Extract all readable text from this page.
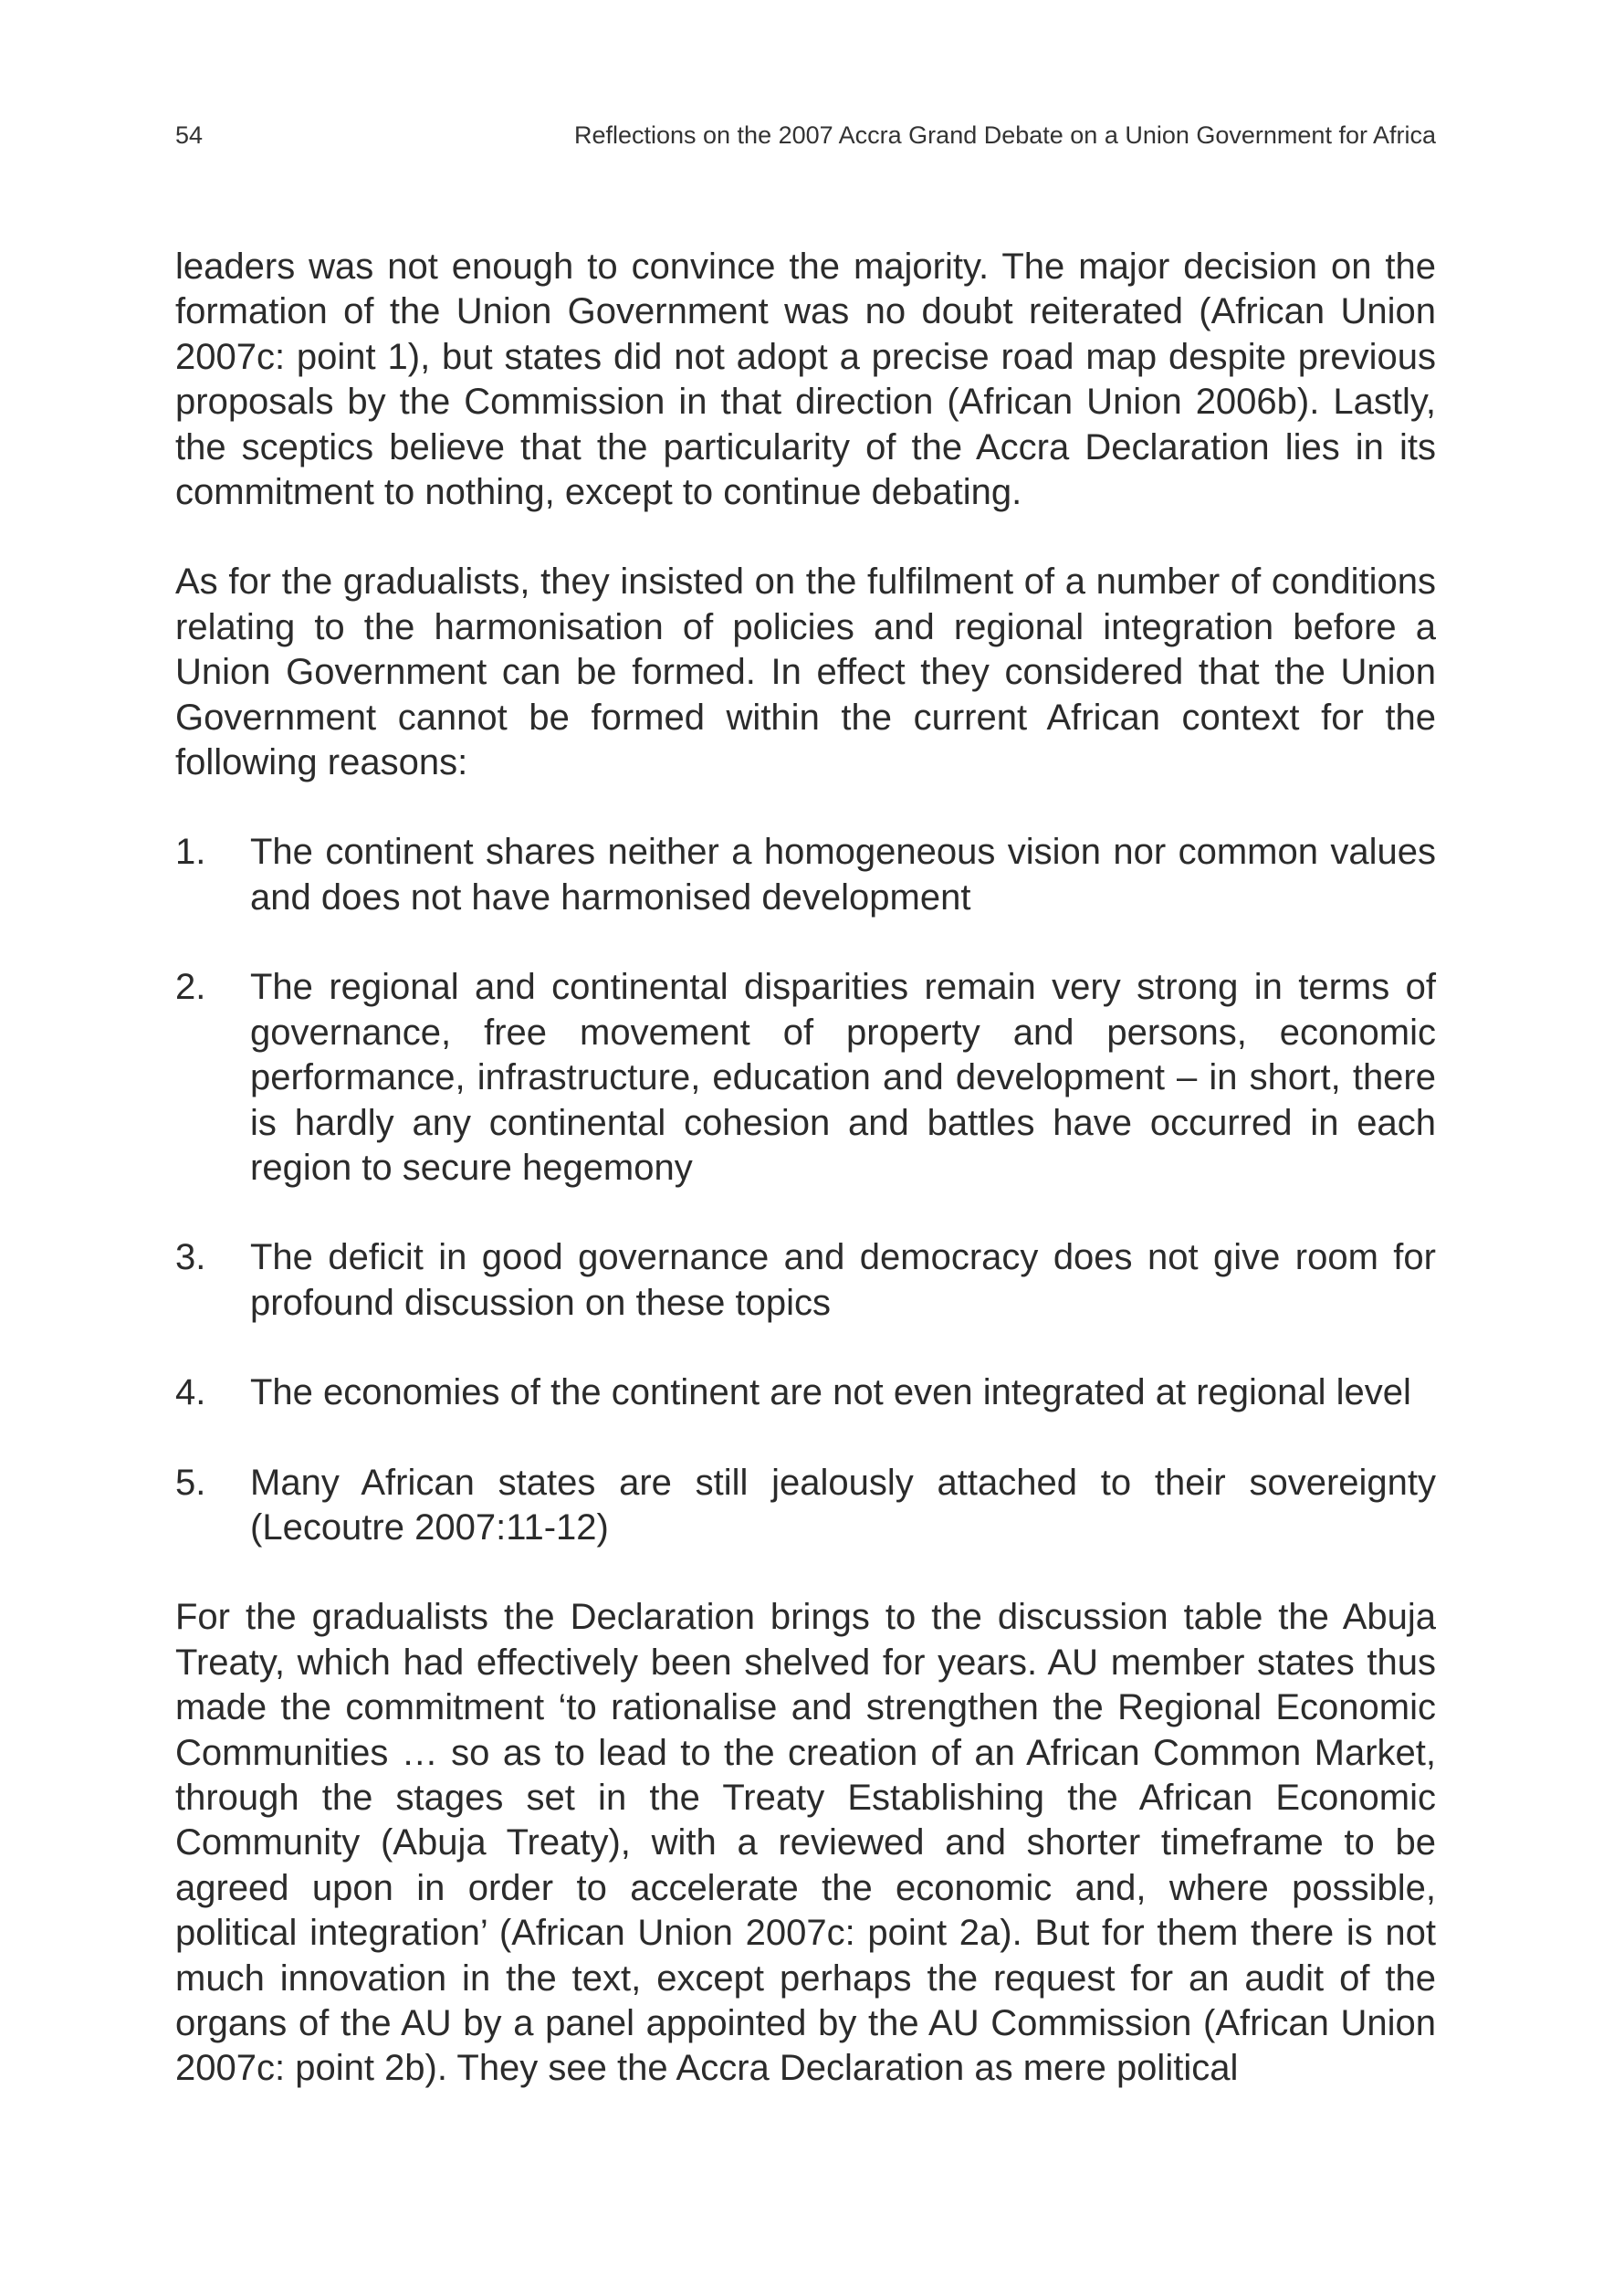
54	Reflections on the 2007 Accra Grand Debate on a Union Government for Africa

leaders was not enough to convince the majority. The major decision on the formation of the Union Government was no doubt reiterated (African Union 2007c: point 1), but states did not adopt a precise road map despite previous proposals by the Commission in that direction (African Union 2006b). Lastly, the sceptics believe that the particularity of the Accra Declaration lies in its commitment to nothing, except to continue debating.

As for the gradualists, they insisted on the fulfilment of a number of conditions relating to the harmonisation of policies and regional integration before a Union Government can be formed. In effect they considered that the Union Government cannot be formed within the current African context for the following reasons:

1. The continent shares neither a homogeneous vision nor common values and does not have harmonised development
2. The regional and continental disparities remain very strong in terms of governance, free movement of property and persons, economic performance, infrastructure, education and development – in short, there is hardly any continental cohesion and battles have occurred in each region to secure hegemony
3. The deficit in good governance and democracy does not give room for profound discussion on these topics
4. The economies of the continent are not even integrated at regional level
5. Many African states are still jealously attached to their sovereignty (Lecoutre 2007:11-12)

For the gradualists the Declaration brings to the discussion table the Abuja Treaty, which had effectively been shelved for years. AU member states thus made the commitment ‘to rationalise and strengthen the Regional Economic Communities … so as to lead to the creation of an African Common Market, through the stages set in the Treaty Establishing the African Economic Community (Abuja Treaty), with a reviewed and shorter timeframe to be agreed upon in order to accelerate the economic and, where possible, political integration’ (African Union 2007c: point 2a). But for them there is not much innovation in the text, except perhaps the request for an audit of the organs of the AU by a panel appointed by the AU Commission (African Union 2007c: point 2b). They see the Accra Declaration as mere political
